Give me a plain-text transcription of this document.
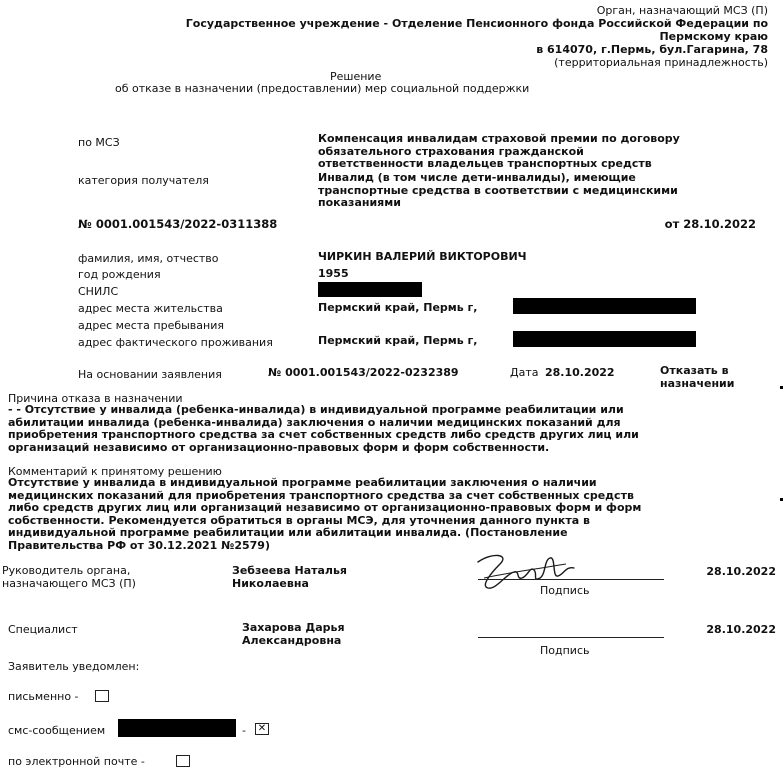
Орган, назначающий МСЗ (П)
Государственное учреждение - Отделение Пенсионного фонда Российской Федерации по
Пермскому краю
в 614070, г.Пермь, бул.Гагарина, 78
(территориальная принадлежность)
Решение
об отказе в назначении (предоставлении) мер социальной поддержки
по МСЗ	Компенсация инвалидам страховой премии по договору
обязательного страхования гражданской
ответственности владельцев транспортных средств
категория получателя	Инвалид (в том числе дети-инвалиды), имеющие
транспортные средства в соответствии с медицинскими
показаниями
№ 0001.001543/2022-0311388	от 28.10.2022
фамилия, имя, отчество	ЧИРКИН ВАЛЕРИЙ ВИКТОРОВИЧ
год рождения	1955
СНИЛС
адрес места жительства	Пермский край, Пермь г,
адрес места пребывания
адрес фактического проживания	Пермский край, Пермь г,
На основании заявления	№ 0001.001543/2022-0232389	Дата 28.10.2022	Отказать в
назначении
Причина отказа в назначении
- - Отсутствие у инвалида (ребенка-инвалида) в индивидуальной программе реабилитации или
абилитации инвалида (ребенка-инвалида) заключения о наличии медицинских показаний для
приобретения транспортного средства за счет собственных средств либо средств других лиц или
организаций независимо от организационно-правовых форм и форм собственности.
Комментарий к принятому решению
Отсутствие у инвалида в индивидуальной программе реабилитации заключения о наличии
медицинских показаний для приобретения транспортного средства за счет собственных средств
либо средств других лиц или организаций независимо от организационно-правовых форм и форм
собственности. Рекомендуется обратиться в органы МСЭ, для уточнения данного пункта в
индивидуальной программе реабилитации или абилитации инвалида. (Постановление
Правительства РФ от 30.12.2021 №2579)
Руководитель органа,
назначающего МСЗ (П)
Зебзеева Наталья
Николаевна
Подпись
28.10.2022
Специалист	Захарова Дарья
Александровна
Подпись
28.10.2022
Заявитель уведомлен:
письменно -
смс-сообщением	- ✕
по электронной почте -
